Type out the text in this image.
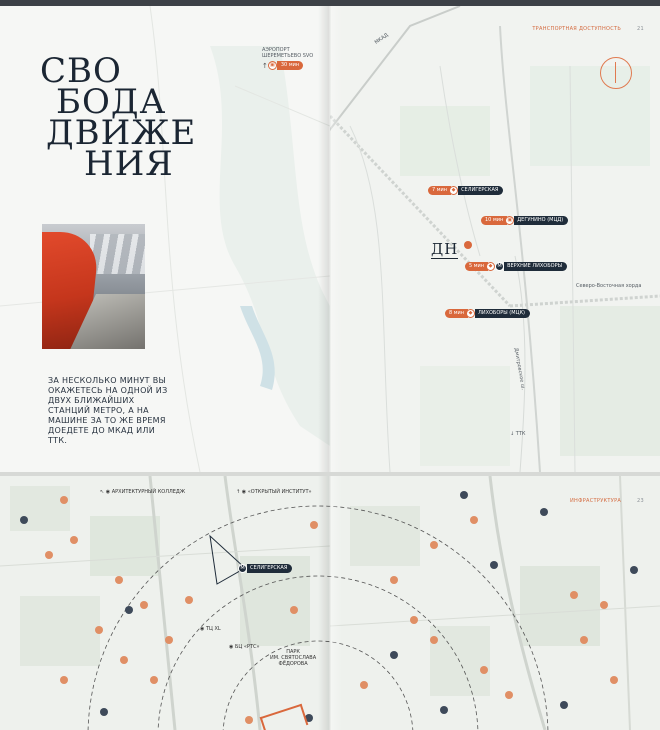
СВО
БОДА
ДВИЖЕ
НИЯ

ЗА НЕСКОЛЬКО МИНУТ ВЫ ОКАЖЕТЕСЬ НА ОДНОЙ ИЗ ДВУХ БЛИЖАЙШИХ СТАНЦИЙ МЕТРО, А НА МАШИНЕ ЗА ТО ЖЕ ВРЕМЯ ДОЕДЕТЕ ДО МКАД ИЛИ ТТК.

АЭРОПОРТ
ШЕРЕМЕТЬЕВО SVO
↑ ▣	30 мин
ТРАНСПОРТНАЯ ДОСТУПНОСТЬ	21
МКАД
Северо-Восточная хорда
↓ ТТК
Дмитровское ш.
7 мин ◆	СЕЛИГЕРСКАЯ
10 мин ▣	ДЕГУНИНО (МЦД)
5 мин ◆ M	ВЕРХНИЕ ЛИХОБОРЫ
8 мин ◆	ЛИХОБОРЫ (МЦК)
ДН
↖ ◉ АРХИТЕКТУРНЫЙ КОЛЛЕДЖ	↑ ◉ «ОТКРЫТЫЙ ИНСТИТУТ»
M	СЕЛИГЕРСКАЯ
◉ БЦ «РТС»
◉ ТЦ XL
ПАРК
ИМ. СВЯТОСЛАВА
ФЁДОРОВА
ИНФРАСТРУКТУРА	23
